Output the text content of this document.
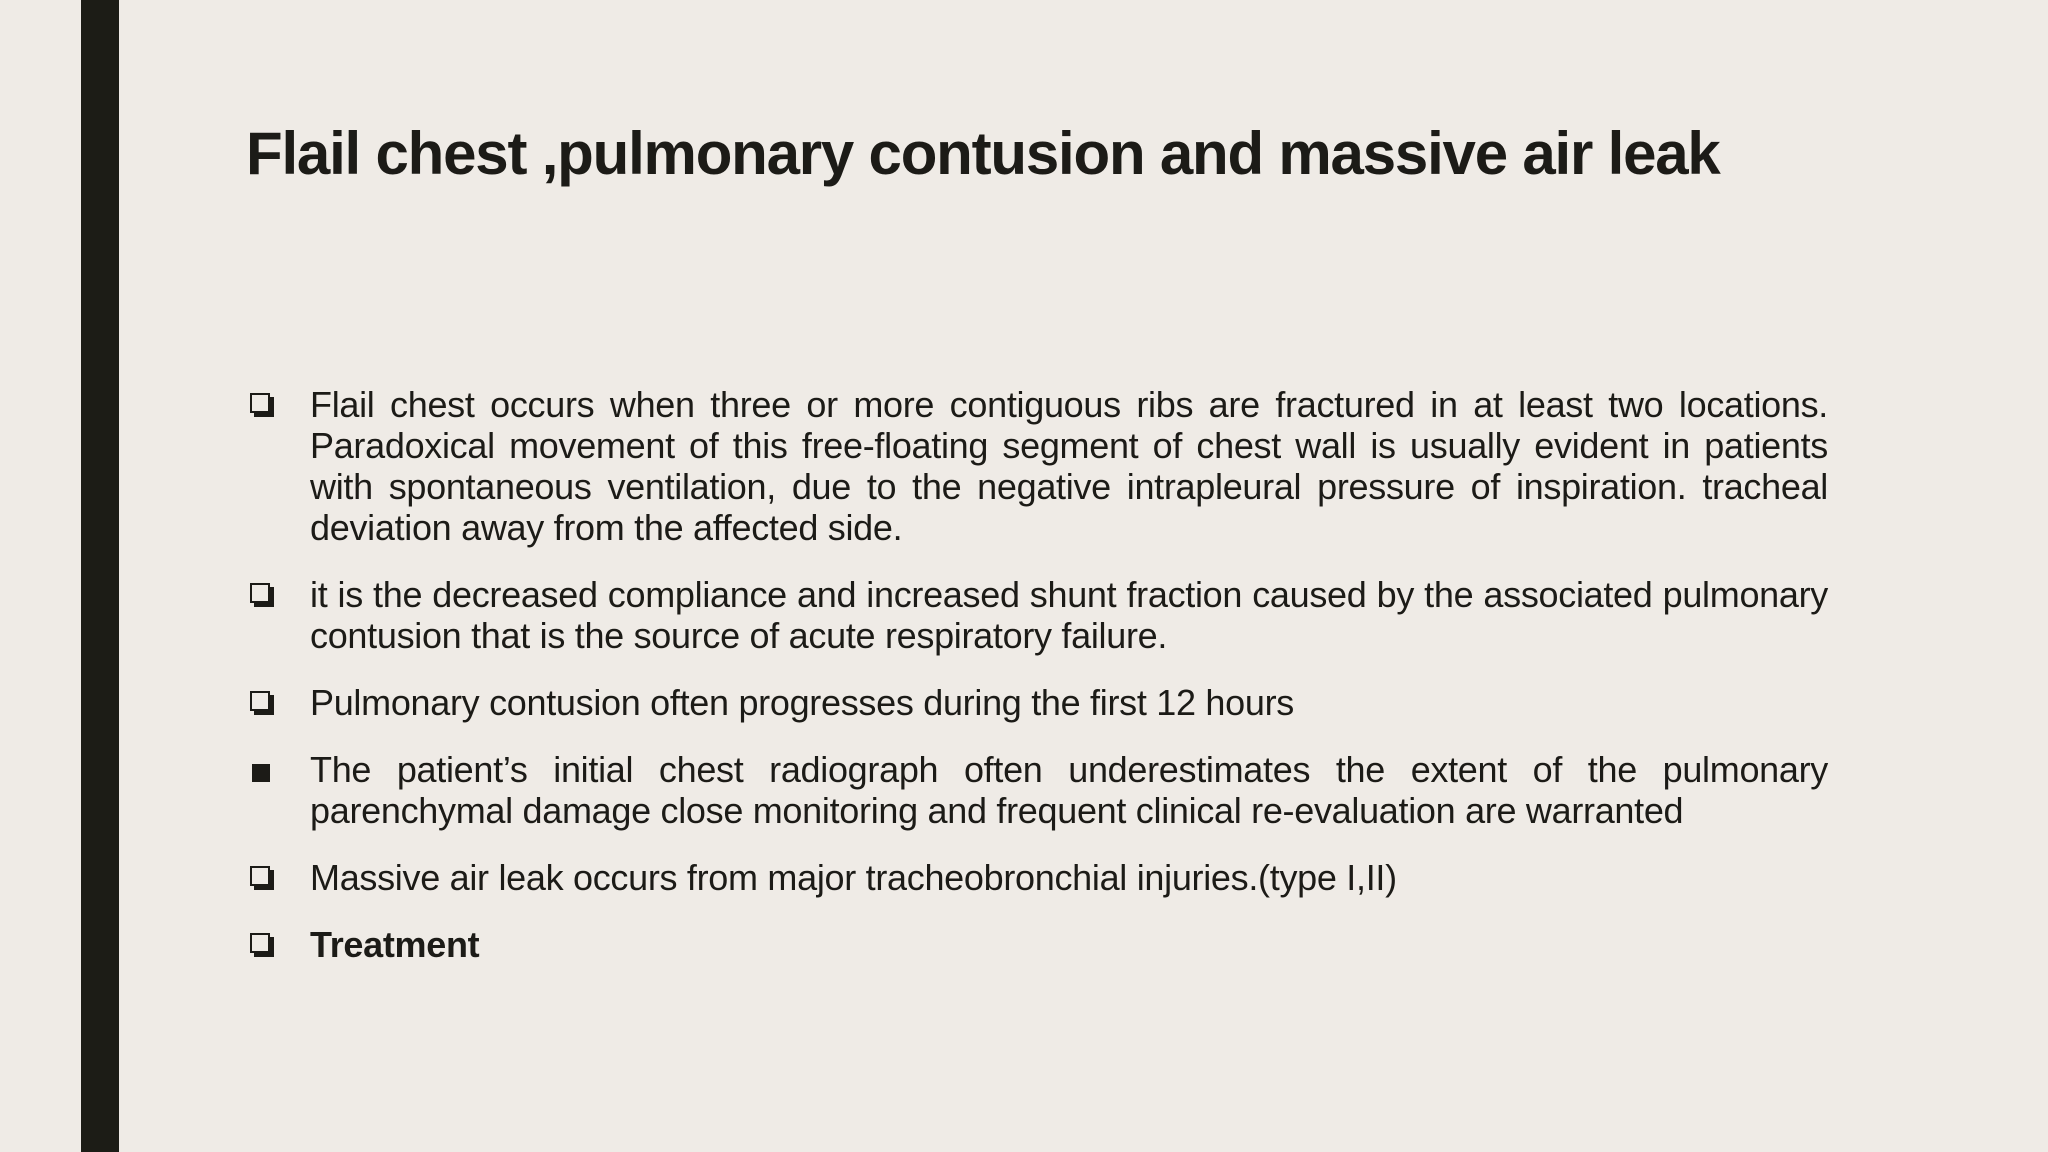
Flail chest ,pulmonary contusion and massive air leak
Flail chest occurs when three or more contiguous ribs are fractured in at least two locations. Paradoxical movement of this free-floating segment of chest wall is usually evident in patients with spontaneous ventilation, due to the negative intrapleural pressure of inspiration. tracheal deviation away from the affected side.
it is the decreased compliance and increased shunt fraction caused by the associated pulmonary contusion that is the source of acute respiratory failure.
Pulmonary contusion often progresses during the first 12 hours
The patient’s initial chest radiograph often underestimates the extent of the pulmonary parenchymal damage close monitoring and frequent clinical re-evaluation are warranted
Massive air leak occurs from major tracheobronchial injuries.(type I,II)
Treatment
